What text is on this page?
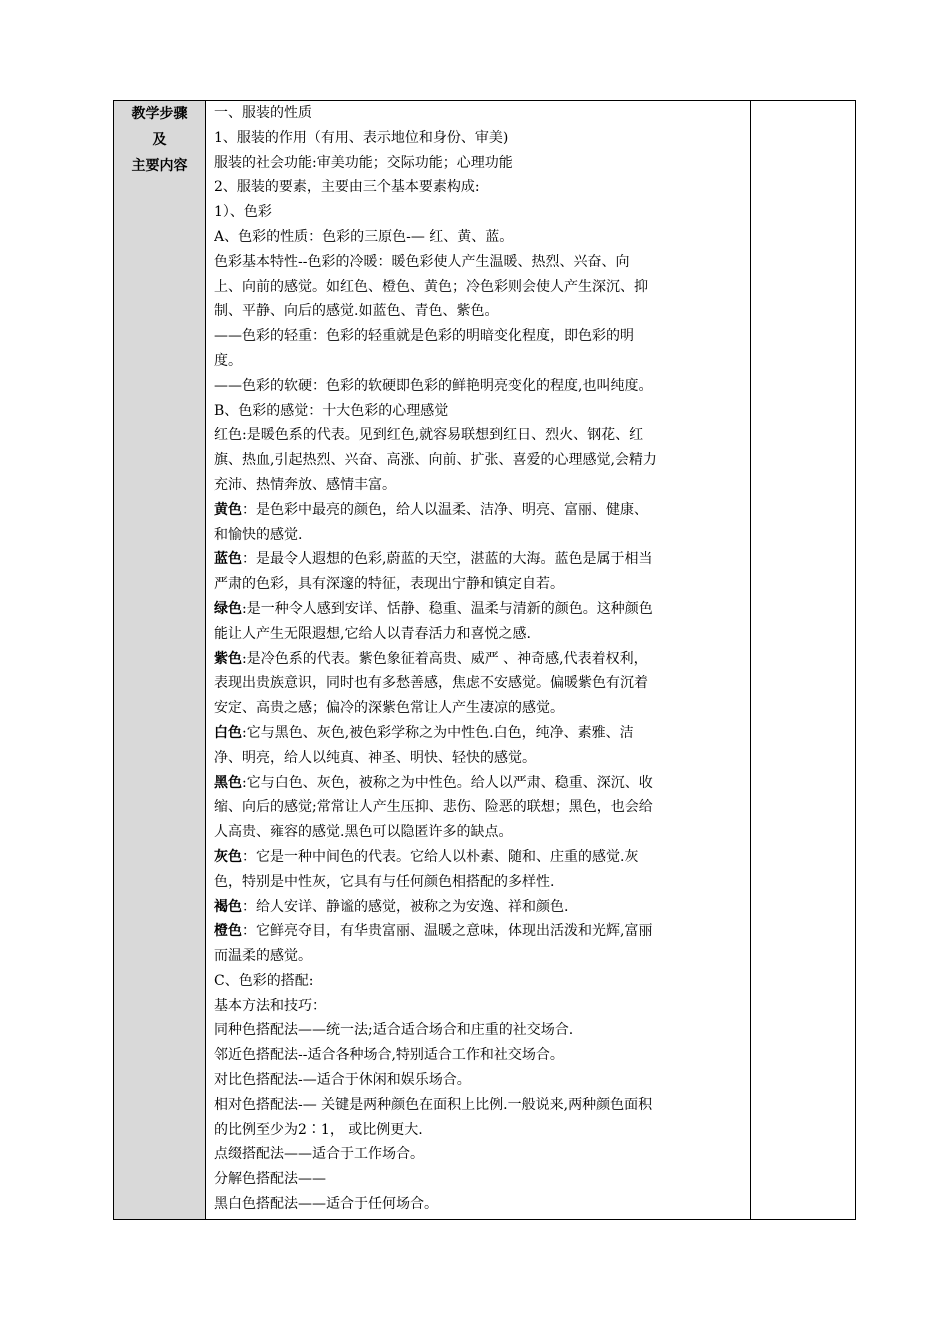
教学步骤
及
主要内容
一、服装的性质
1、服装的作用（有用、表示地位和身份、审美)
服装的社会功能:审美功能；交际功能；心理功能
2、服装的要素，主要由三个基本要素构成:
1）、色彩
A、色彩的性质：色彩的三原色-— 红、黄、蓝。
色彩基本特性--色彩的冷暖：暖色彩使人产生温暖、热烈、兴奋、向
上、向前的感觉。如红色、橙色、黄色；冷色彩则会使人产生深沉、抑
制、平静、向后的感觉.如蓝色、青色、紫色。
——色彩的轻重：色彩的轻重就是色彩的明暗变化程度，即色彩的明
度。
——色彩的软硬：色彩的软硬即色彩的鲜艳明亮变化的程度,也叫纯度。
B、色彩的感觉：十大色彩的心理感觉
红色:是暖色系的代表。见到红色,就容易联想到红日、烈火、钢花、红
旗、热血,引起热烈、兴奋、高涨、向前、扩张、喜爱的心理感觉,会精力
充沛、热情奔放、感情丰富。
黄色：是色彩中最亮的颜色，给人以温柔、洁净、明亮、富丽、健康、
和愉快的感觉.
蓝色：是最令人遐想的色彩,蔚蓝的天空，湛蓝的大海。蓝色是属于相当
严肃的色彩，具有深邃的特征，表现出宁静和镇定自若。
绿色:是一种令人感到安详、恬静、稳重、温柔与清新的颜色。这种颜色
能让人产生无限遐想,它给人以青春活力和喜悦之感.
紫色:是冷色系的代表。紫色象征着高贵、威严 、神奇感,代表着权利，
表现出贵族意识，同时也有多愁善感，焦虑不安感觉。偏暖紫色有沉着
安定、高贵之感；偏冷的深紫色常让人产生凄凉的感觉。
白色:它与黑色、灰色,被色彩学称之为中性色.白色，纯净、素雅、洁
净、明亮，给人以纯真、神圣、明快、轻快的感觉。
黑色:它与白色、灰色，被称之为中性色。给人以严肃、稳重、深沉、收
缩、向后的感觉;常常让人产生压抑、悲伤、险恶的联想；黑色，也会给
人高贵、雍容的感觉.黑色可以隐匿许多的缺点。
灰色：它是一种中间色的代表。它给人以朴素、随和、庄重的感觉.灰
色，特别是中性灰，它具有与任何颜色相搭配的多样性.
褐色：给人安详、静谧的感觉，被称之为安逸、祥和颜色.
橙色：它鲜亮夺目，有华贵富丽、温暖之意味，体现出活泼和光辉,富丽
而温柔的感觉。
C、色彩的搭配:
基本方法和技巧：
同种色搭配法——统一法;适合适合场合和庄重的社交场合.
邻近色搭配法--适合各种场合,特别适合工作和社交场合。
对比色搭配法-—适合于休闲和娱乐场合。
相对色搭配法-— 关键是两种颜色在面积上比例.一般说来,两种颜色面积
的比例至少为2∶1， 或比例更大.
点缀搭配法——适合于工作场合。
分解色搭配法——
黑白色搭配法——适合于任何场合。
